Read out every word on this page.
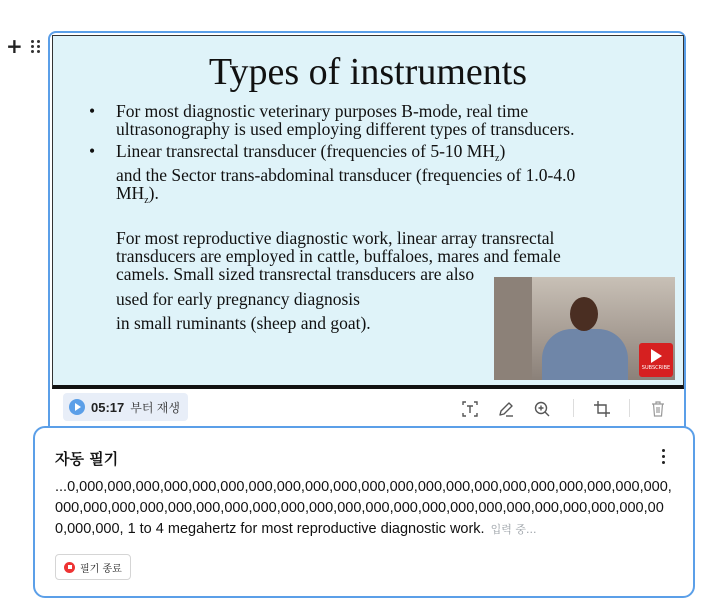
+
Types of instruments
• For most diagnostic veterinary purposes B-mode, real time
ultrasonography is used employing different types of transducers.
• Linear transrectal transducer (frequencies of 5-10 $MH_z$)
and the Sector trans-abdominal transducer (frequencies of 1.0-4.0
$MH_z$).
For most reproductive diagnostic work, linear array transrectal
transducers are employed in cattle, buffaloes, mares and female
camels. Small sized transrectal transducers are also
used for early pregnancy diagnosis
in small ruminants (sheep and goat).
SUBSCRIBE
05:17 부터 재생
자동 필기
...0,000,000,000,000,000,000,000,000,000,000,000,000,000,000,000,000,000,000,000,000,000,000,000,000,000,000,000,000,000,000,000,000,000,000,000,000,000,000,000,000,000,000,000,000,000, 1 to 4 megahertz for most reproductive diagnostic work. 입력 중...
필기 종료
